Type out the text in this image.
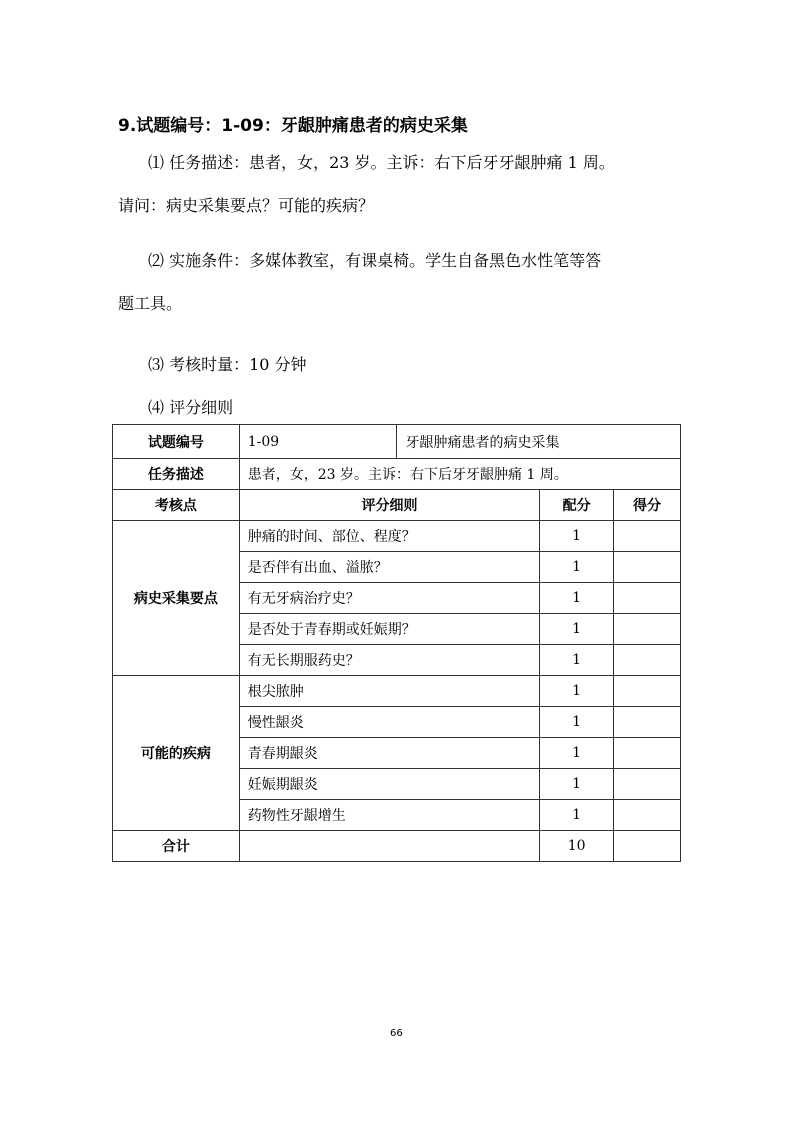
9.试题编号：1-09：牙龈肿痛患者的病史采集
⑴ 任务描述：患者，女，23 岁。主诉：右下后牙牙龈肿痛 1 周。
请问：病史采集要点？可能的疾病？
⑵ 实施条件：多媒体教室，有课桌椅。学生自备黑色水性笔等答
题工具。
⑶ 考核时量：10 分钟
⑷ 评分细则
试题编号	1-09	牙龈肿痛患者的病史采集		
任务描述	患者，女，23 岁。主诉：右下后牙牙龈肿痛 1 周。			
考核点	评分细则		配分	得分
病史采集要点	肿痛的时间、部位、程度？		1	
	是否伴有出血、溢脓？		1	
	有无牙病治疗史？		1	
	是否处于青春期或妊娠期？		1	
	有无长期服药史？		1	
可能的疾病	根尖脓肿		1	
	慢性龈炎		1	
	青春期龈炎		1	
	妊娠期龈炎		1	
	药物性牙龈增生		1	
合计			10	
66
